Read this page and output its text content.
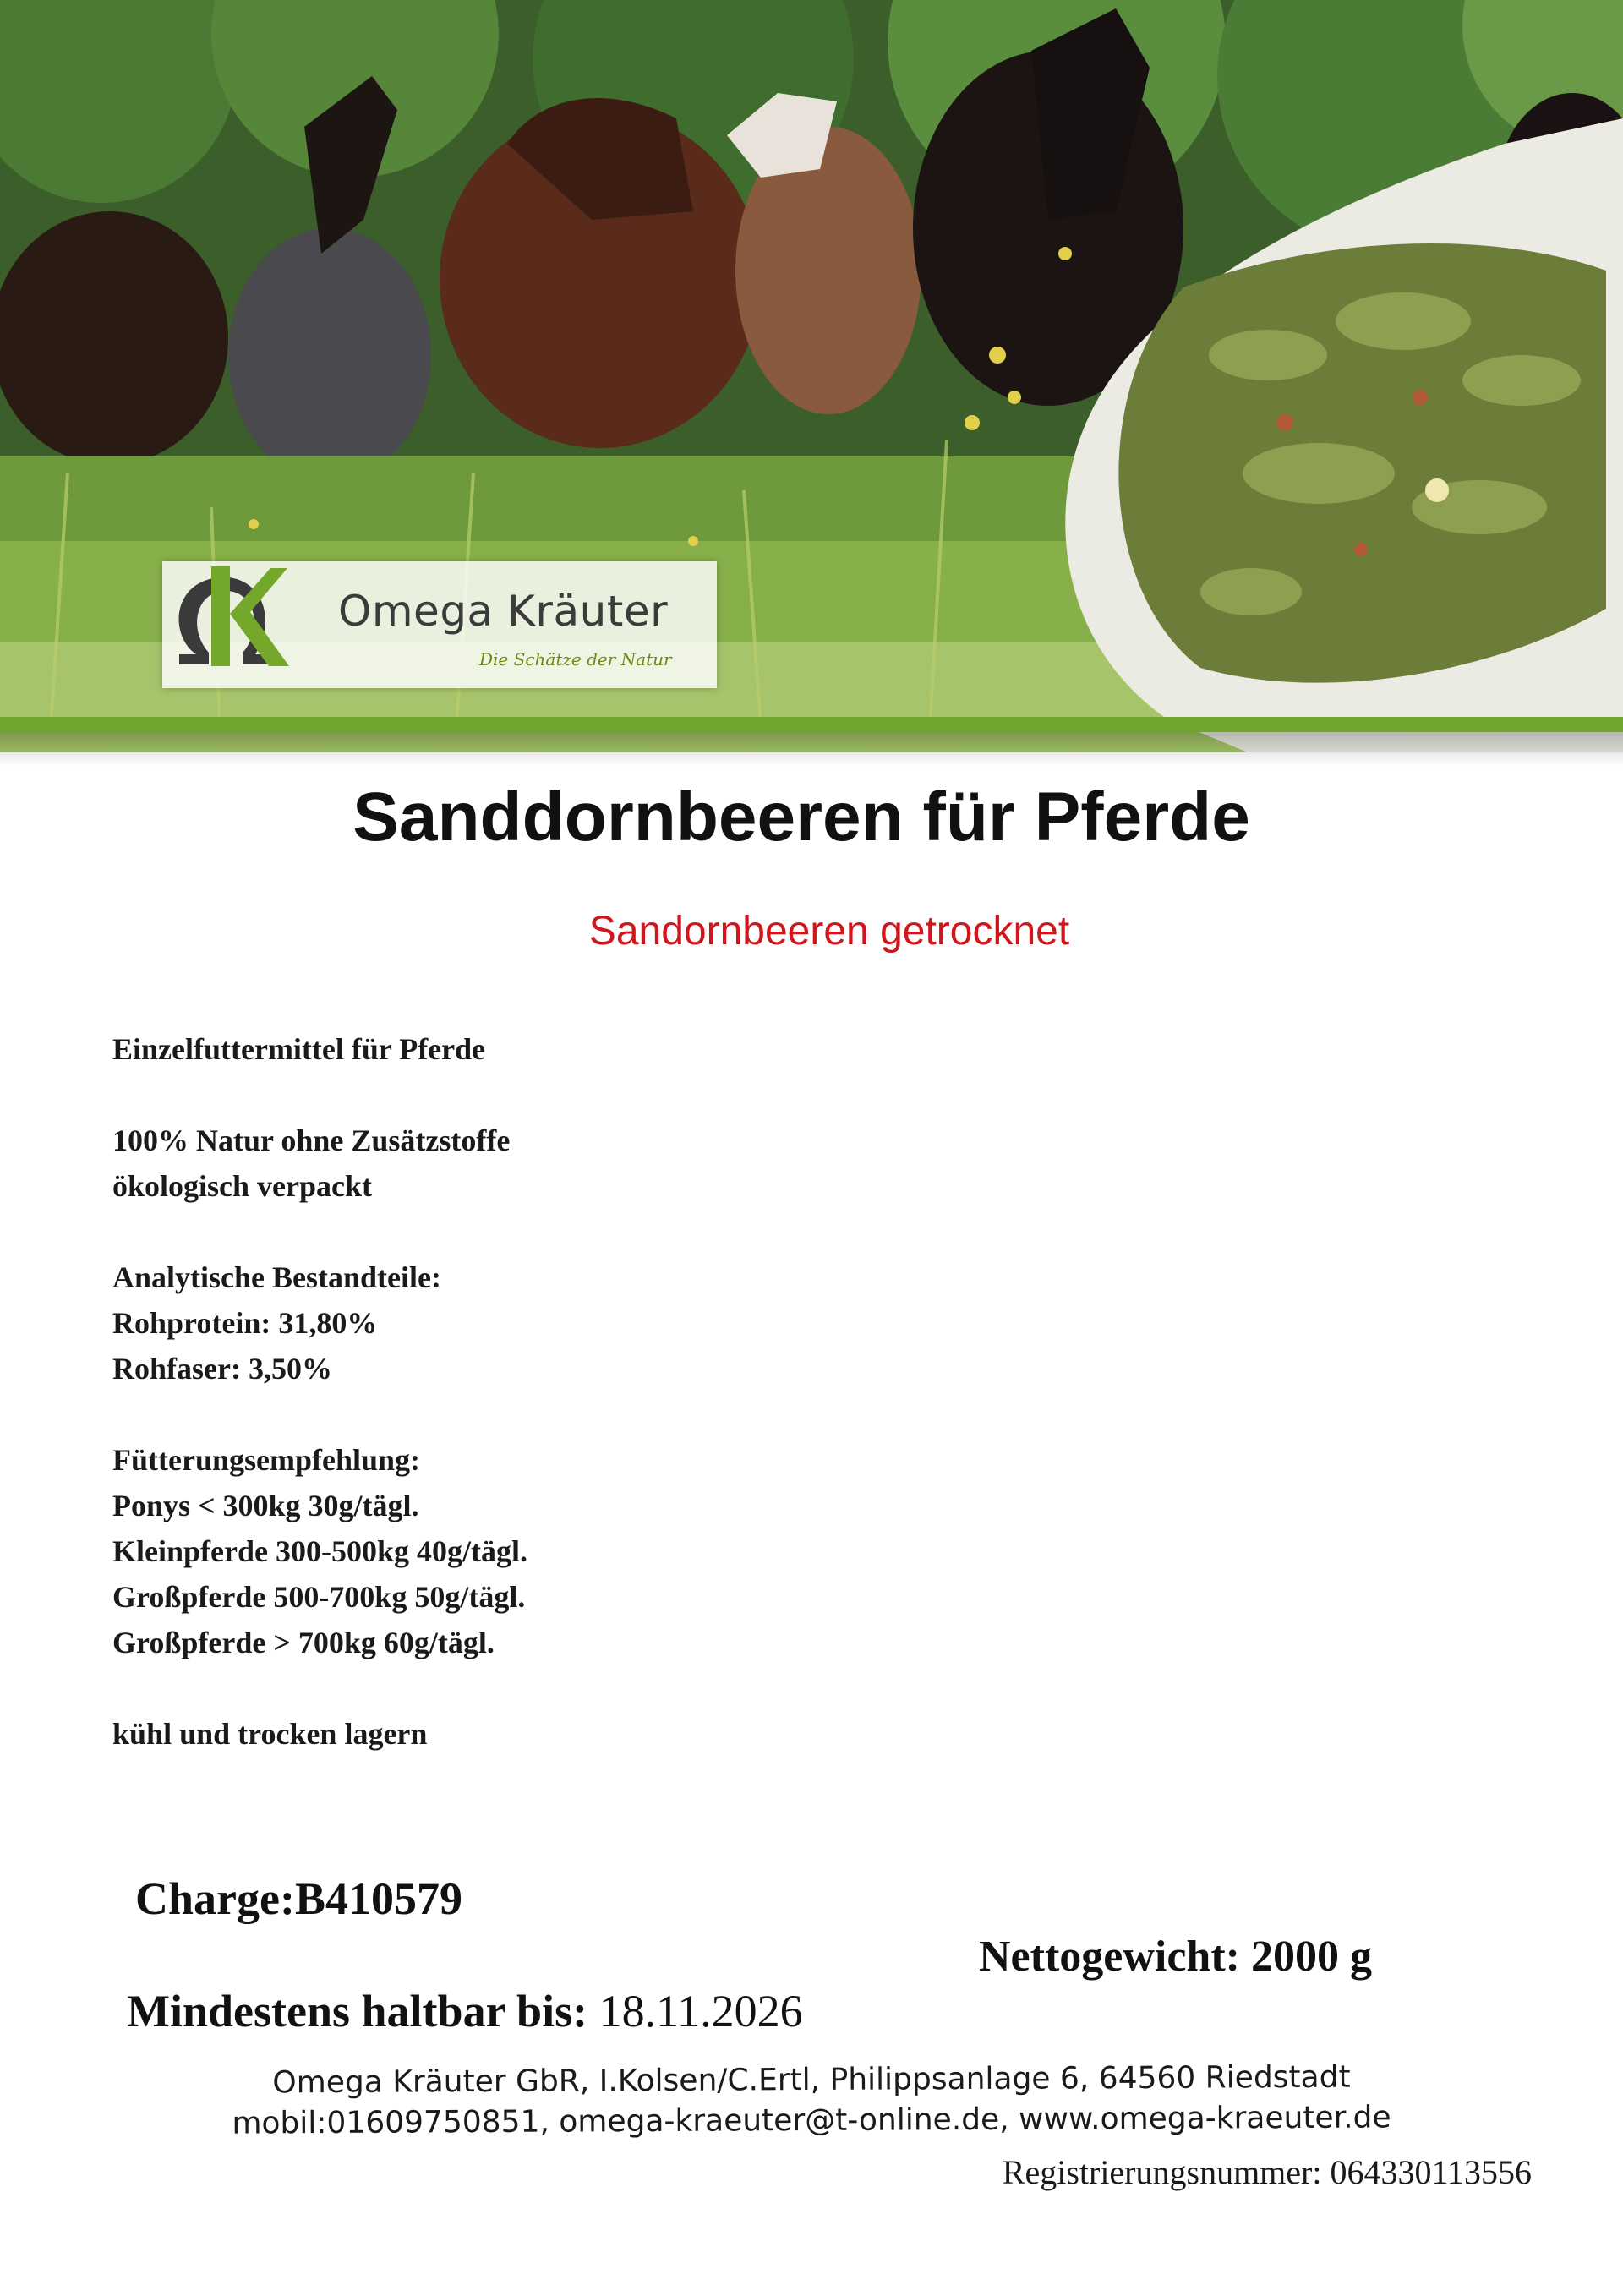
Omega Kräuter
Die Schätze der Natur
Sanddornbeeren für Pferde
Sandornbeeren getrocknet
Einzelfuttermittel für Pferde
100% Natur ohne Zusätzstoffe
ökologisch verpackt
Analytische Bestandteile:
Rohprotein: 31,80%
Rohfaser: 3,50%
Fütterungsempfehlung:
Ponys < 300kg 30g/tägl.
Kleinpferde 300-500kg 40g/tägl.
Großpferde 500-700kg 50g/tägl.
Großpferde > 700kg 60g/tägl.
kühl und trocken lagern
Charge:B410579
Nettogewicht: 2000 g
Mindestens haltbar bis: 18.11.2026
Omega Kräuter GbR, I.Kolsen/C.Ertl, Philippsanlage 6, 64560 Riedstadt
mobil:01609750851, omega-kraeuter@t-online.de, www.omega-kraeuter.de
Registrierungsnummer: 064330113556
